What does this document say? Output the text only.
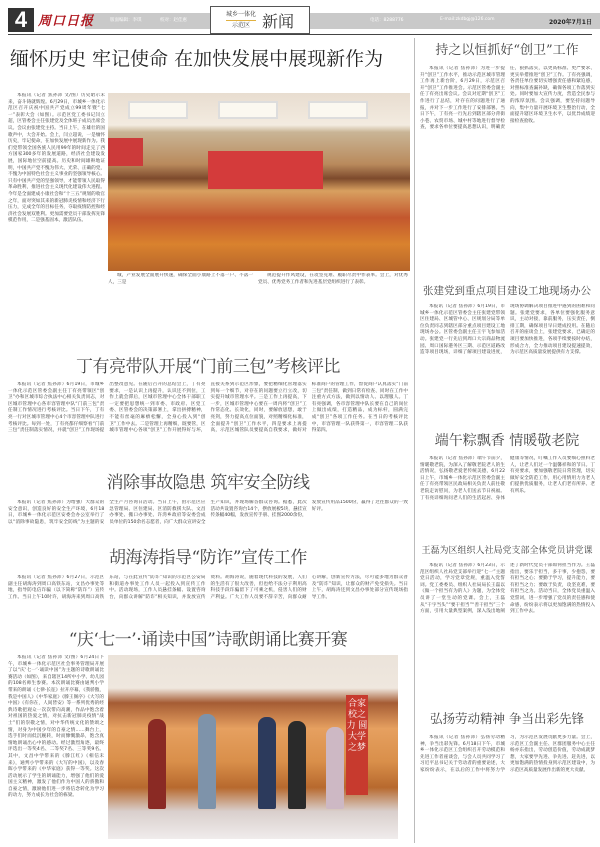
4 周口日报	版面编辑：李琪	校对：赵佳惠
城乡一体化
示范区 新闻	电话：8288776	E-mail:zkdbgj@126.com	2020年7月1日
缅怀历史 牢记使命 在加快发展中展现新作为
本报讯（记者 焦孙沛 文/图）历史昭示未来，奋斗铸就辉煌。6月29日，市城乡一体化示范区召开庆祝中国共产党成立99周年暨“七一”表彰大会（如图）。示范区党工委书记闫立超，区管委会主任张建党及全体班子成员出席会议。会议由张建党主持。当日上午，在雄壮的国歌声中，大会开始。会上，闫立超说，一是缅怀历史，牢记使命，在加快发展中展现新作为。我们党带领全国各族人民用99年的时间走完了西方国家300多年的发展道路，经济社会建设发展，国际地位空前提高。历史和时间雄辩地证明，中国共产党不愧为伟大、光荣、正确的党，不愧为中国特色社会主义事业的坚强领导核心。只有中国共产党的坚强领导，才能带领人民取得革命胜利，推进社会主义现代化建设伟大进程。今年是全面建成小康社会和“十三五”规划的收官之年，面对突如其来的新冠肺炎疫情和经济下行压力，完成全年的目标任务，夺取疫情防控和经济社会发展双胜利。更加需要党员干部发挥先锋模范作用，二是强基固本，激活队伍。
城，产业发展全面展开快速，确保全面小康路上不落一户、不落一人，三是
规范提升作风建设，在攻坚克难、履职尽责中作表率。会上，对优秀党员、优秀党务工作者和先进基层党组织进行了表彰。
丁有亮带队开展“门前三包”考核评比
本报讯（记者 焦孙沛）6月19日，市城乡一体化示范区管委会副主任丁有亮带领区“创卫”办和区城市综合执法中心相关负责同志，对区城市管理中心各市容管理中队“门前三包”责任制工作情况进行考核评比。当日下午，丁有亮一行对区城市管理中心4个市容管理中队进行考核评比。每到一处，丁有亮都仔细察看“门前三包”责任制落实情况，并就“创卫”工作现场提出整改意见。在随后召开的总结会上，丁有亮要求，一是认识上再提升，认识还不到位，工作上就会滞后，区城市管理中心全体干部职工一定要把思想统一到市委、市政府、区党工委、区管委会的决策部署上，拿出拼搏精神，不能有丝毫的麻痹松懈，全身心投入到“创卫”工作中去。二是管理上再精细，既要管，区城市管理中心各项“创卫”工作开展得好与坏，直接关系到示范区形象，要把精细化管理落实到每一个细节，对存在的问题要立行立改，切实提升城市管理水平。三是工作上再提高，下一步，区城市管理中心要在一周内将“创卫”工作常态化、长效化，同时，要解放思想，敢于亮剑，努力提高点位面貌，对照精细化标准，全面提升“创卫”工作水平，四是要求上再提高，示范区城管队员要提高自我要求，做好对标准商户的管理工作，督促商户认真落实“门前三包”责任制，做到日常有检查、同时在工作中注重方式方法，做到以情动人、以理服人。丁有亮强调，各市容管理中队长要在自己的岗位上做出成绩，打造精品，成为标杆，圆满完成“创卫”各项工作任务。在当日的考核评比中，市容管理一队获得第一，市容管理二队获得第四。
消除事故隐患 筑牢安全防线
本报讯（记者 焦孙沛）为增强广大群众的安全意识，创造良好的安全生产环境，6月18日，市城乡一体化示范区安委会办公室举行了以“消除事故隐患，筑牢安全防线”为主题的安全生产月咨询日活动。当日上午，由示范区应急管理局、区住建局、区消防救援大队、文昌办事处、搬口办事处、许湾乡政府等安委会成员单位的150余名志愿者，向广大群众宣讲安全生产知识，并现场解答群众咨询。据悉，此次活动共设置咨询台14个，摆放展板5块，悬挂宣传条幅40幅，发放宣传手册、挂图2000余份，发放宣传用品1500份，赢得了过往群众的一致好评。
胡海涛指导“防诈”宣传工作
本报讯（记者 焦孙沛）6月27日，示范区副主任胡海涛到周口高铁东站，文昌办事处等地，指导防电信诈骗（以下简称“防诈”）宣传工作。当日上午10时许，胡海涛来到周口高铁东站，与在此宣传“防诈”知识的示范区公安局和街道办事处工作人员一起投入到宣传工作中。活动现场，工作人员悬挂条幅、设置咨询台，向群众讲解“防诈”相关知识，并发放宣传资料。胡海涛说，随着现代科技的发展，人们的生活有了很大改善，但也给不法分子利用高科技手段诈骗留下了可乘之机，侵害人们的财产利益。广大工作人员要不辞辛苦，向群众耐心讲解，创新宣传方法，尽可能多地为群众普及“防诈”知识，让群众的财产免受损失。当日上午，胡海涛还到文昌办事处部分宣传现场指导工作。
“庆‘七一’·诵读中国”诗歌朗诵比赛开赛
本报讯（记者 焦孙沛 文/图）6月24日下午，市城乡一体化示范区社会事务管理局开展了以“庆‘七一’·诵读中国”为主题的诗歌朗诵比赛活动（如图），来自辖区14所中小学、幼儿园的108名师生参赛。本次朗诵比赛由通判小学带来的朗诵《七律·长征》拉开序幕，《我骄傲，我是中国人》《中华家庭》《滕王阁序》《大写的中国》《有你在，人间皆安》等一系列优秀的经典诗歌把观众一次次带向高潮，作品中饱含着对祖国的热爱之情，对抗击新冠肺炎疫情“战士”们的崇敬之情，对中华传统文化的赞颂之情，对身为中国少年的自豪之情……舞台上，选手们时而低沉婉转，时而慷慨激昂，饱含真情地朗诵出心中的感动。经过激烈角逐，最终评选出一等奖4名、二等奖7名、三等奖9名。其中，文昌中学带来的《滕江红》《相信未来》，通判小学带来的《大写的中国》，以及春晖小学带来的《中华家庭》获得一等奖。这次活动展示了学生的朗诵能力，增强了他们的爱国主义精神，激发了他们作为中国人的骄傲和自豪之情，激励他们进一步将信念转化为学习的动力，努力成长为社会的栋梁。
合家校之力 圆大学之梦
持之以恒抓好“创卫”工作
本报讯（记者 焦孙沛）为进一步提升“创卫”工作水平，推动示范区城市管理工作再上新台阶，6月29日，示范区召开“创卫”工作推进会。示范区管委会副主任丁有亮出席会议。会议对近期“创卫”工作进行了总结，对存在的问题进行了通报，并对下一步工作进行了安排部署。当日下午，丁有亮一行先后到辖区部分背街小巷、农贸市场、城中村等地进行督导检查，要求各单位要提高思想认识，明确责任，狠抓落实，以更高标准、更严要求、更实举措推进“创卫”工作。丁有亮强调，各责任单位要切实增强责任感和紧迫感，对照标准查漏补缺，确保各项工作落到实处。同时要加大宣传力度，营造全民参与的浓厚氛围。会议强调，要坚持问题导向，集中力量开展环境卫生整治行动，全面提升辖区环境卫生水平，以优异成绩迎接检查验收。
张建党到重点项目建设工地现场办公
本报讯（记者 焦孙沛）6月19日，市城乡一体化示范区管委会主任张建党带领区住建局、区城管中心、区规划分局等单位负责同志到辖区部分重点项目建设工地现场办公。区管委会副主任王宇飞参加活动。张建党一行先后到周口大宗商品物流园、周口国际港务区三期、示范区道路改造等项目现场，详细了解项目建设进度，现场协调解决项目推进中遇到的困难和问题。张建党要求，各单位要强化服务意识，主动对接，靠前服务，压实责任，倒排工期，确保项目早日建成投用。在随后召开的座谈会上，张建党要求，已确定的项目要加快推进，各项手续要按时办结，形成合力，全力推动项目建设提速提效，为示范区高质量发展提供有力支撑。
端午粽飘香 情暖敬老院
本报讯（记者 焦孙沛）端午节前夕，情暖敬老院，为深入了解敬老院老人的生活情况，弘扬敬老爱老传统美德，6月22日上午，市城乡一体化示范区管委会副主任丁有亮带领区民政局相关负责人前往敬老院走访慰问，为老人们送去节日祝福。丁有亮详细询问老人们的生活起居、身体健康等情况，叮嘱工作人员要细心照料老人，让老人们过一个温馨祥和的节日。丁有亮要求，要加强敬老院日常管理，切实做好安全防范工作，用心用情用力为老人们提供优质服务，让老人们老有所养、老有所乐。
王磊为区组织人社局党支部全体党员讲党课
本报讯（记者 焦孙沛）6月23日，示范区组织人社局党支部举行迎“七一”主题党日活动，学习党章党规，重温入党誓词。党工委委员、组织人社局局长王磊以《做一个担当有为的人》为题，为全体党员讲了一堂生动的党课。会上，王磊从“干字当头”“要干担当”“善干担当”三个方面，引用大量典型案例，深入浅出地阐述了新时代党员干部如何担当作为。王磊指出，要乐于担当，多干事，少抱怨，要有担当之心；要勤于学习，提升能力，要有担当之力；要敢于负责，攻坚克难，要有担当之为。活动当日，全体党员重温入党誓词，进一步增强了党员的责任感和使命感，纷纷表示将以更加饱满的热情投入到工作中去。
弘扬劳动精神 争当出彩先锋
本报讯（记者 焦孙沛）弘扬劳动精神，争当出彩先锋。6月18日下午，市城乡一体化示范区工会组织召开劳动模范和先进工作者座谈会，与会人员共同学习了习近平总书记关于劳动者的重要论述，大家纷纷表示，在以后的工作中将努力学习，为示范区发展贡献更多力量。会上，示范区工会副主任、区群团服务中心主任杨亦东指出，劳动创造价值，劳动成就梦想，大家要学先进、争先进、赶先进，以更加饱满的热情投身到示范区建设中，为示范区高质量发展作出新的更大贡献。
